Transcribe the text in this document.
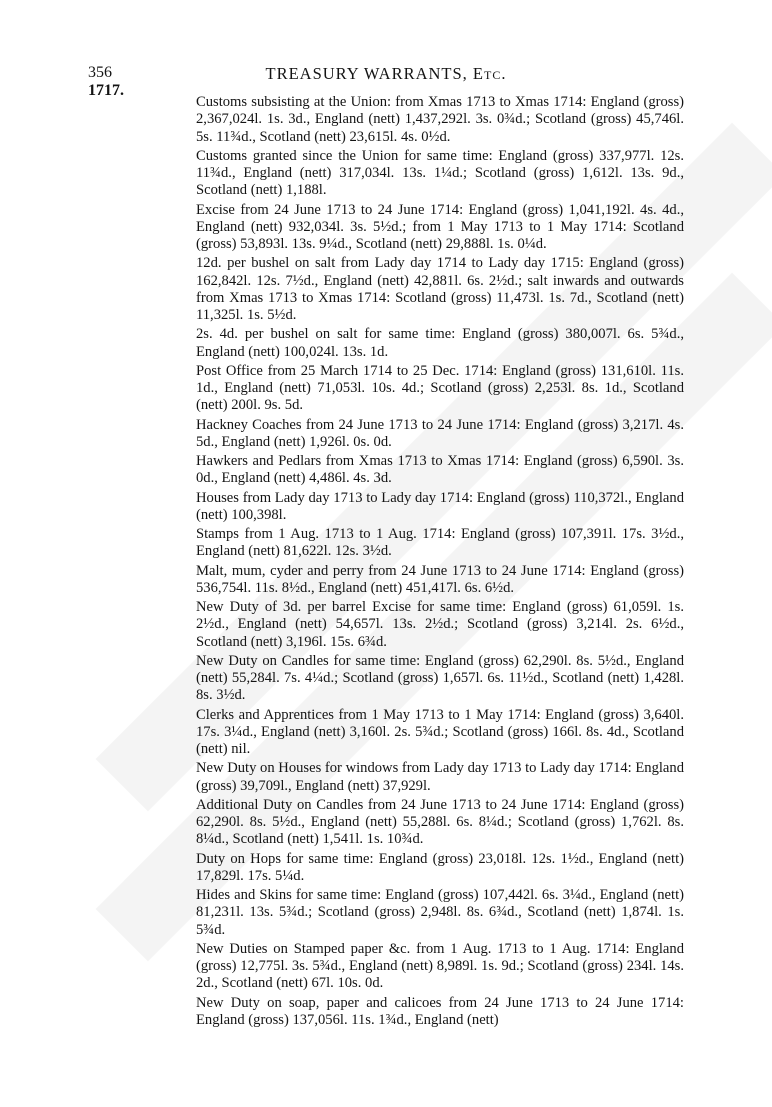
356	TREASURY WARRANTS, Etc.
1717.

Customs subsisting at the Union: from Xmas 1713 to Xmas 1714: England (gross) 2,367,024l. 1s. 3d., England (nett) 1,437,292l. 3s. 0¾d.; Scotland (gross) 45,746l. 5s. 11¾d., Scotland (nett) 23,615l. 4s. 0½d.

Customs granted since the Union for same time: England (gross) 337,977l. 12s. 11¾d., England (nett) 317,034l. 13s. 1¼d.; Scotland (gross) 1,612l. 13s. 9d., Scotland (nett) 1,188l.

Excise from 24 June 1713 to 24 June 1714: England (gross) 1,041,192l. 4s. 4d., England (nett) 932,034l. 3s. 5½d.; from 1 May 1713 to 1 May 1714: Scotland (gross) 53,893l. 13s. 9¼d., Scotland (nett) 29,888l. 1s. 0¼d.

12d. per bushel on salt from Lady day 1714 to Lady day 1715: England (gross) 162,842l. 12s. 7½d., England (nett) 42,881l. 6s. 2½d.; salt inwards and outwards from Xmas 1713 to Xmas 1714: Scotland (gross) 11,473l. 1s. 7d., Scotland (nett) 11,325l. 1s. 5½d.

2s. 4d. per bushel on salt for same time: England (gross) 380,007l. 6s. 5¾d., England (nett) 100,024l. 13s. 1d.

Post Office from 25 March 1714 to 25 Dec. 1714: England (gross) 131,610l. 11s. 1d., England (nett) 71,053l. 10s. 4d.; Scotland (gross) 2,253l. 8s. 1d., Scotland (nett) 200l. 9s. 5d.

Hackney Coaches from 24 June 1713 to 24 June 1714: England (gross) 3,217l. 4s. 5d., England (nett) 1,926l. 0s. 0d.

Hawkers and Pedlars from Xmas 1713 to Xmas 1714: England (gross) 6,590l. 3s. 0d., England (nett) 4,486l. 4s. 3d.

Houses from Lady day 1713 to Lady day 1714: England (gross) 110,372l., England (nett) 100,398l.

Stamps from 1 Aug. 1713 to 1 Aug. 1714: England (gross) 107,391l. 17s. 3½d., England (nett) 81,622l. 12s. 3½d.

Malt, mum, cyder and perry from 24 June 1713 to 24 June 1714: England (gross) 536,754l. 11s. 8½d., England (nett) 451,417l. 6s. 6½d.

New Duty of 3d. per barrel Excise for same time: England (gross) 61,059l. 1s. 2½d., England (nett) 54,657l. 13s. 2½d.; Scotland (gross) 3,214l. 2s. 6½d., Scotland (nett) 3,196l. 15s. 6¾d.

New Duty on Candles for same time: England (gross) 62,290l. 8s. 5½d., England (nett) 55,284l. 7s. 4¼d.; Scotland (gross) 1,657l. 6s. 11½d., Scotland (nett) 1,428l. 8s. 3½d.

Clerks and Apprentices from 1 May 1713 to 1 May 1714: England (gross) 3,640l. 17s. 3¼d., England (nett) 3,160l. 2s. 5¾d.; Scotland (gross) 166l. 8s. 4d., Scotland (nett) nil.

New Duty on Houses for windows from Lady day 1713 to Lady day 1714: England (gross) 39,709l., England (nett) 37,929l.

Additional Duty on Candles from 24 June 1713 to 24 June 1714: England (gross) 62,290l. 8s. 5½d., England (nett) 55,288l. 6s. 8¼d.; Scotland (gross) 1,762l. 8s. 8¼d., Scotland (nett) 1,541l. 1s. 10¾d.

Duty on Hops for same time: England (gross) 23,018l. 12s. 1½d., England (nett) 17,829l. 17s. 5¼d.

Hides and Skins for same time: England (gross) 107,442l. 6s. 3¼d., England (nett) 81,231l. 13s. 5¾d.; Scotland (gross) 2,948l. 8s. 6¾d., Scotland (nett) 1,874l. 1s. 5¾d.

New Duties on Stamped paper &c. from 1 Aug. 1713 to 1 Aug. 1714: England (gross) 12,775l. 3s. 5¾d., England (nett) 8,989l. 1s. 9d.; Scotland (gross) 234l. 14s. 2d., Scotland (nett) 67l. 10s. 0d.

New Duty on soap, paper and calicoes from 24 June 1713 to 24 June 1714: England (gross) 137,056l. 11s. 1¾d., England (nett)
